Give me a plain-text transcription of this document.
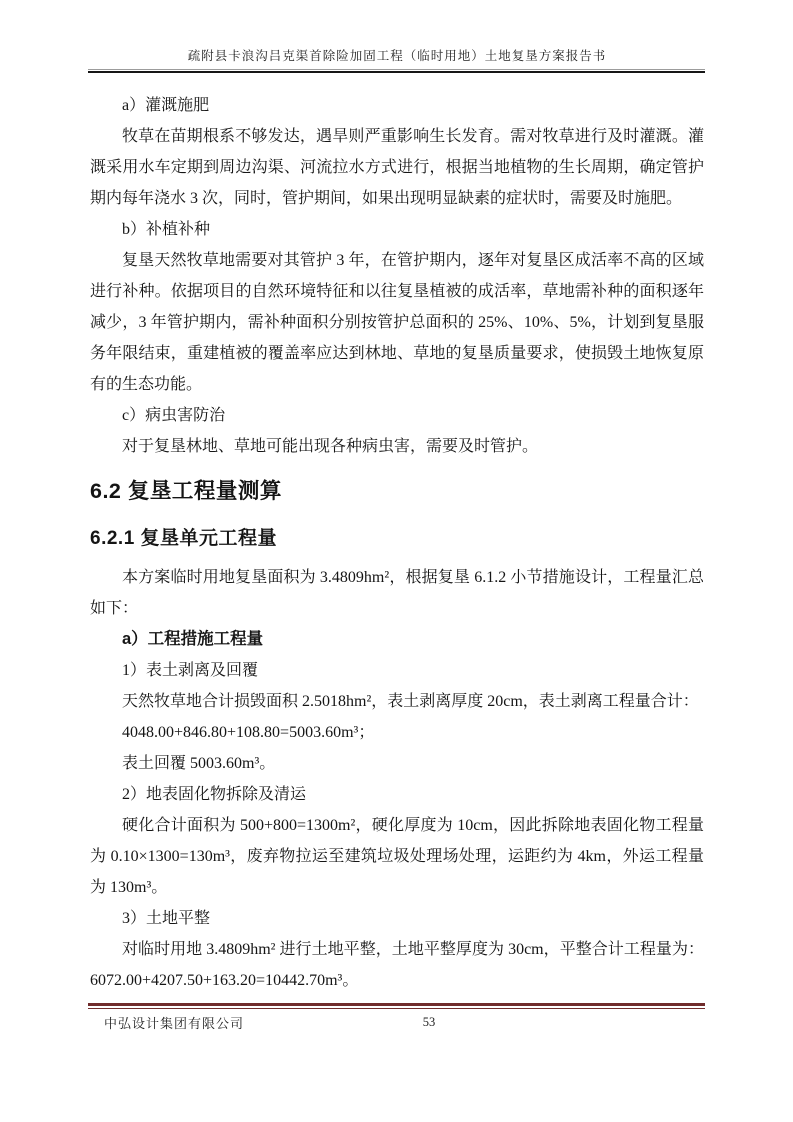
疏附县卡浪沟吕克渠首除险加固工程（临时用地）土地复垦方案报告书

a）灌溉施肥

牧草在苗期根系不够发达，遇旱则严重影响生长发育。需对牧草进行及时灌溉。灌溉采用水车定期到周边沟渠、河流拉水方式进行，根据当地植物的生长周期，确定管护期内每年浇水 3 次，同时，管护期间，如果出现明显缺素的症状时，需要及时施肥。

b）补植补种

复垦天然牧草地需要对其管护 3 年，在管护期内，逐年对复垦区成活率不高的区域进行补种。依据项目的自然环境特征和以往复垦植被的成活率，草地需补种的面积逐年减少，3 年管护期内，需补种面积分别按管护总面积的 25%、10%、5%，计划到复垦服务年限结束，重建植被的覆盖率应达到林地、草地的复垦质量要求，使损毁土地恢复原有的生态功能。

c）病虫害防治

对于复垦林地、草地可能出现各种病虫害，需要及时管护。

6.2 复垦工程量测算
6.2.1 复垦单元工程量

本方案临时用地复垦面积为 3.4809hm²，根据复垦 6.1.2 小节措施设计，工程量汇总如下：

a）工程措施工程量

1）表土剥离及回覆

天然牧草地合计损毁面积 2.5018hm²，表土剥离厚度 20cm，表土剥离工程量合计：

4048.00+846.80+108.80=5003.60m³；

表土回覆 5003.60m³。

2）地表固化物拆除及清运

硬化合计面积为 500+800=1300m²，硬化厚度为 10cm，因此拆除地表固化物工程量为 0.10×1300=130m³，废弃物拉运至建筑垃圾处理场处理，运距约为 4km，外运工程量为 130m³。

3）土地平整

对临时用地 3.4809hm² 进行土地平整，土地平整厚度为 30cm，平整合计工程量为：6072.00+4207.50+163.20=10442.70m³。

中弘设计集团有限公司	53
